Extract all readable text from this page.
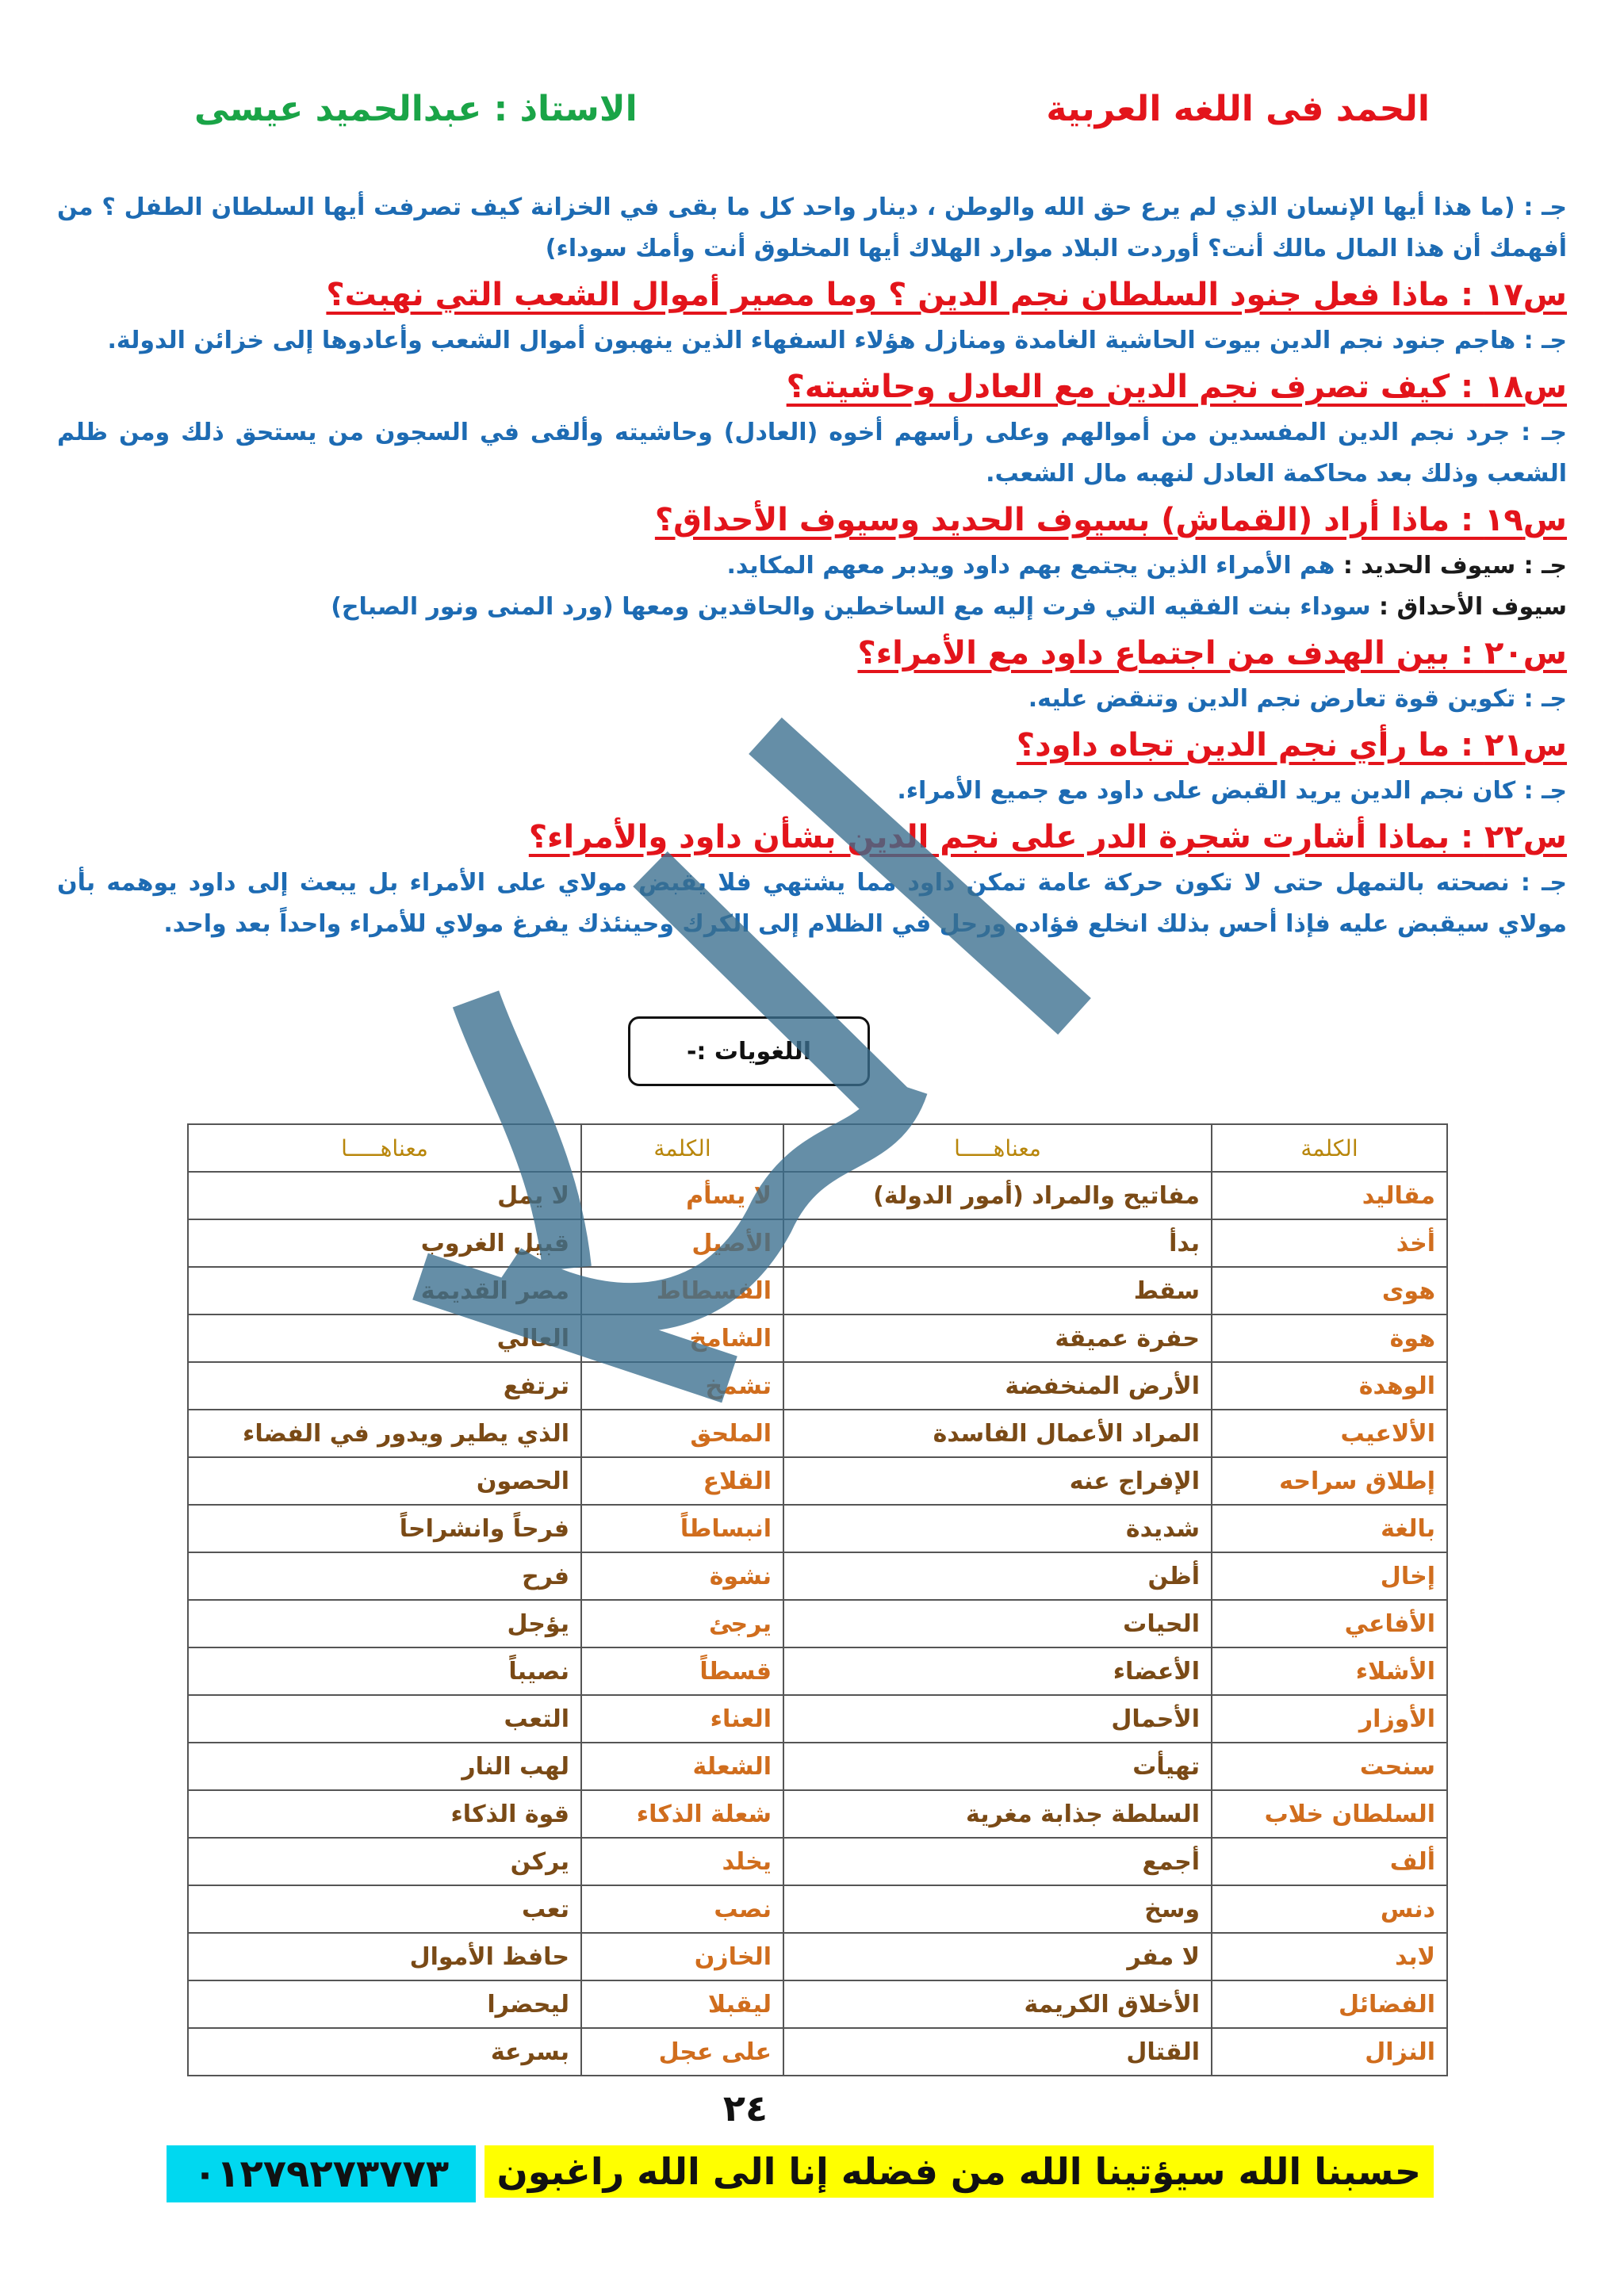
الحمد فى اللغه العربية
الاستاذ : عبدالحميد عيسى
جـ : (ما هذا أيها الإنسان الذي لم يرع حق الله والوطن ، دينار واحد كل ما بقى في الخزانة كيف تصرفت أيها السلطان الطفل ؟ من أفهمك أن هذا المال مالك أنت؟ أوردت البلاد موارد الهلاك أيها المخلوق أنت وأمك سوداء)
س١٧ : ماذا فعل جنود السلطان نجم الدين ؟ وما مصير أموال الشعب التي نهبت؟
جـ : هاجم جنود نجم الدين بيوت الحاشية الغامدة ومنازل هؤلاء السفهاء الذين ينهبون أموال الشعب وأعادوها إلى خزائن الدولة.
س١٨ : كيف تصرف نجم الدين مع العادل وحاشيته؟
جـ : جرد نجم الدين المفسدين من أموالهم وعلى رأسهم أخوه (العادل) وحاشيته وألقى في السجون من يستحق ذلك ومن ظلم الشعب وذلك بعد محاكمة العادل لنهبه مال الشعب.
س١٩ : ماذا أراد (القماش) بسيوف الحديد وسيوف الأحداق؟
جـ : سيوف الحديد : هم الأمراء الذين يجتمع بهم داود ويدبر معهم المكايد.
سيوف الأحداق : سوداء بنت الفقيه التي فرت إليه مع الساخطين والحاقدين ومعها (ورد المنى ونور الصباح)
س٢٠ : بين الهدف من اجتماع داود مع الأمراء؟
جـ : تكوين قوة تعارض نجم الدين وتنقض عليه.
س٢١ : ما رأي نجم الدين تجاه داود؟
جـ : كان نجم الدين يريد القبض على داود مع جميع الأمراء.
س٢٢ : بماذا أشارت شجرة الدر على نجم الدين بشأن داود والأمراء؟
جـ : نصحته بالتمهل حتى لا تكون حركة عامة تمكن داود مما يشتهي فلا يقبض مولاي على الأمراء بل يبعث إلى داود يوهمه بأن مولاي سيقبض عليه فإذا أحس بذلك انخلع فؤاده ورحل في الظلام إلى الكرك وحينئذك يفرغ مولاي للأمراء واحداً بعد واحد.
اللغويات :-
الكلمة	معناهـــــا	الكلمة	معناهـــــا
مقاليد	مفاتيح والمراد (أمور الدولة)	لا يسأم	لا يمل
أخذ	بدأ	الأصيل	قبيل الغروب
هوى	سقط	الفسطاط	مصر القديمة
هوة	حفرة عميقة	الشامخ	العالي
الوهدة	الأرض المنخفضة	تشمخ	ترتفع
الألاعيب	المراد الأعمال الفاسدة	الملحق	الذي يطير ويدور في الفضاء
إطلاق سراحه	الإفراج عنه	القلاع	الحصون
بالغة	شديدة	انبساطاً	فرحاً وانشراحاً
إخال	أظن	نشوة	فرح
الأفاعي	الحيات	يرجئ	يؤجل
الأشلاء	الأعضاء	قسطاً	نصيباً
الأوزار	الأحمال	العناء	التعب
سنحت	تهيأت	الشعلة	لهب النار
السلطان خلاب	السلطة جذابة مغرية	شعلة الذكاء	قوة الذكاء
ألف	أجمع	يخلد	يركن
دنس	وسخ	نصب	تعب
لابد	لا مفر	الخازن	حافظ الأموال
الفضائل	الأخلاق الكريمة	ليقبلا	ليحضرا
النزال	القتال	على عجل	بسرعة
٢٤
حسبنا الله سيؤتينا الله من فضله إنا الى الله راغبون
٠١٢٧٩٢٧٣٧٧٣
